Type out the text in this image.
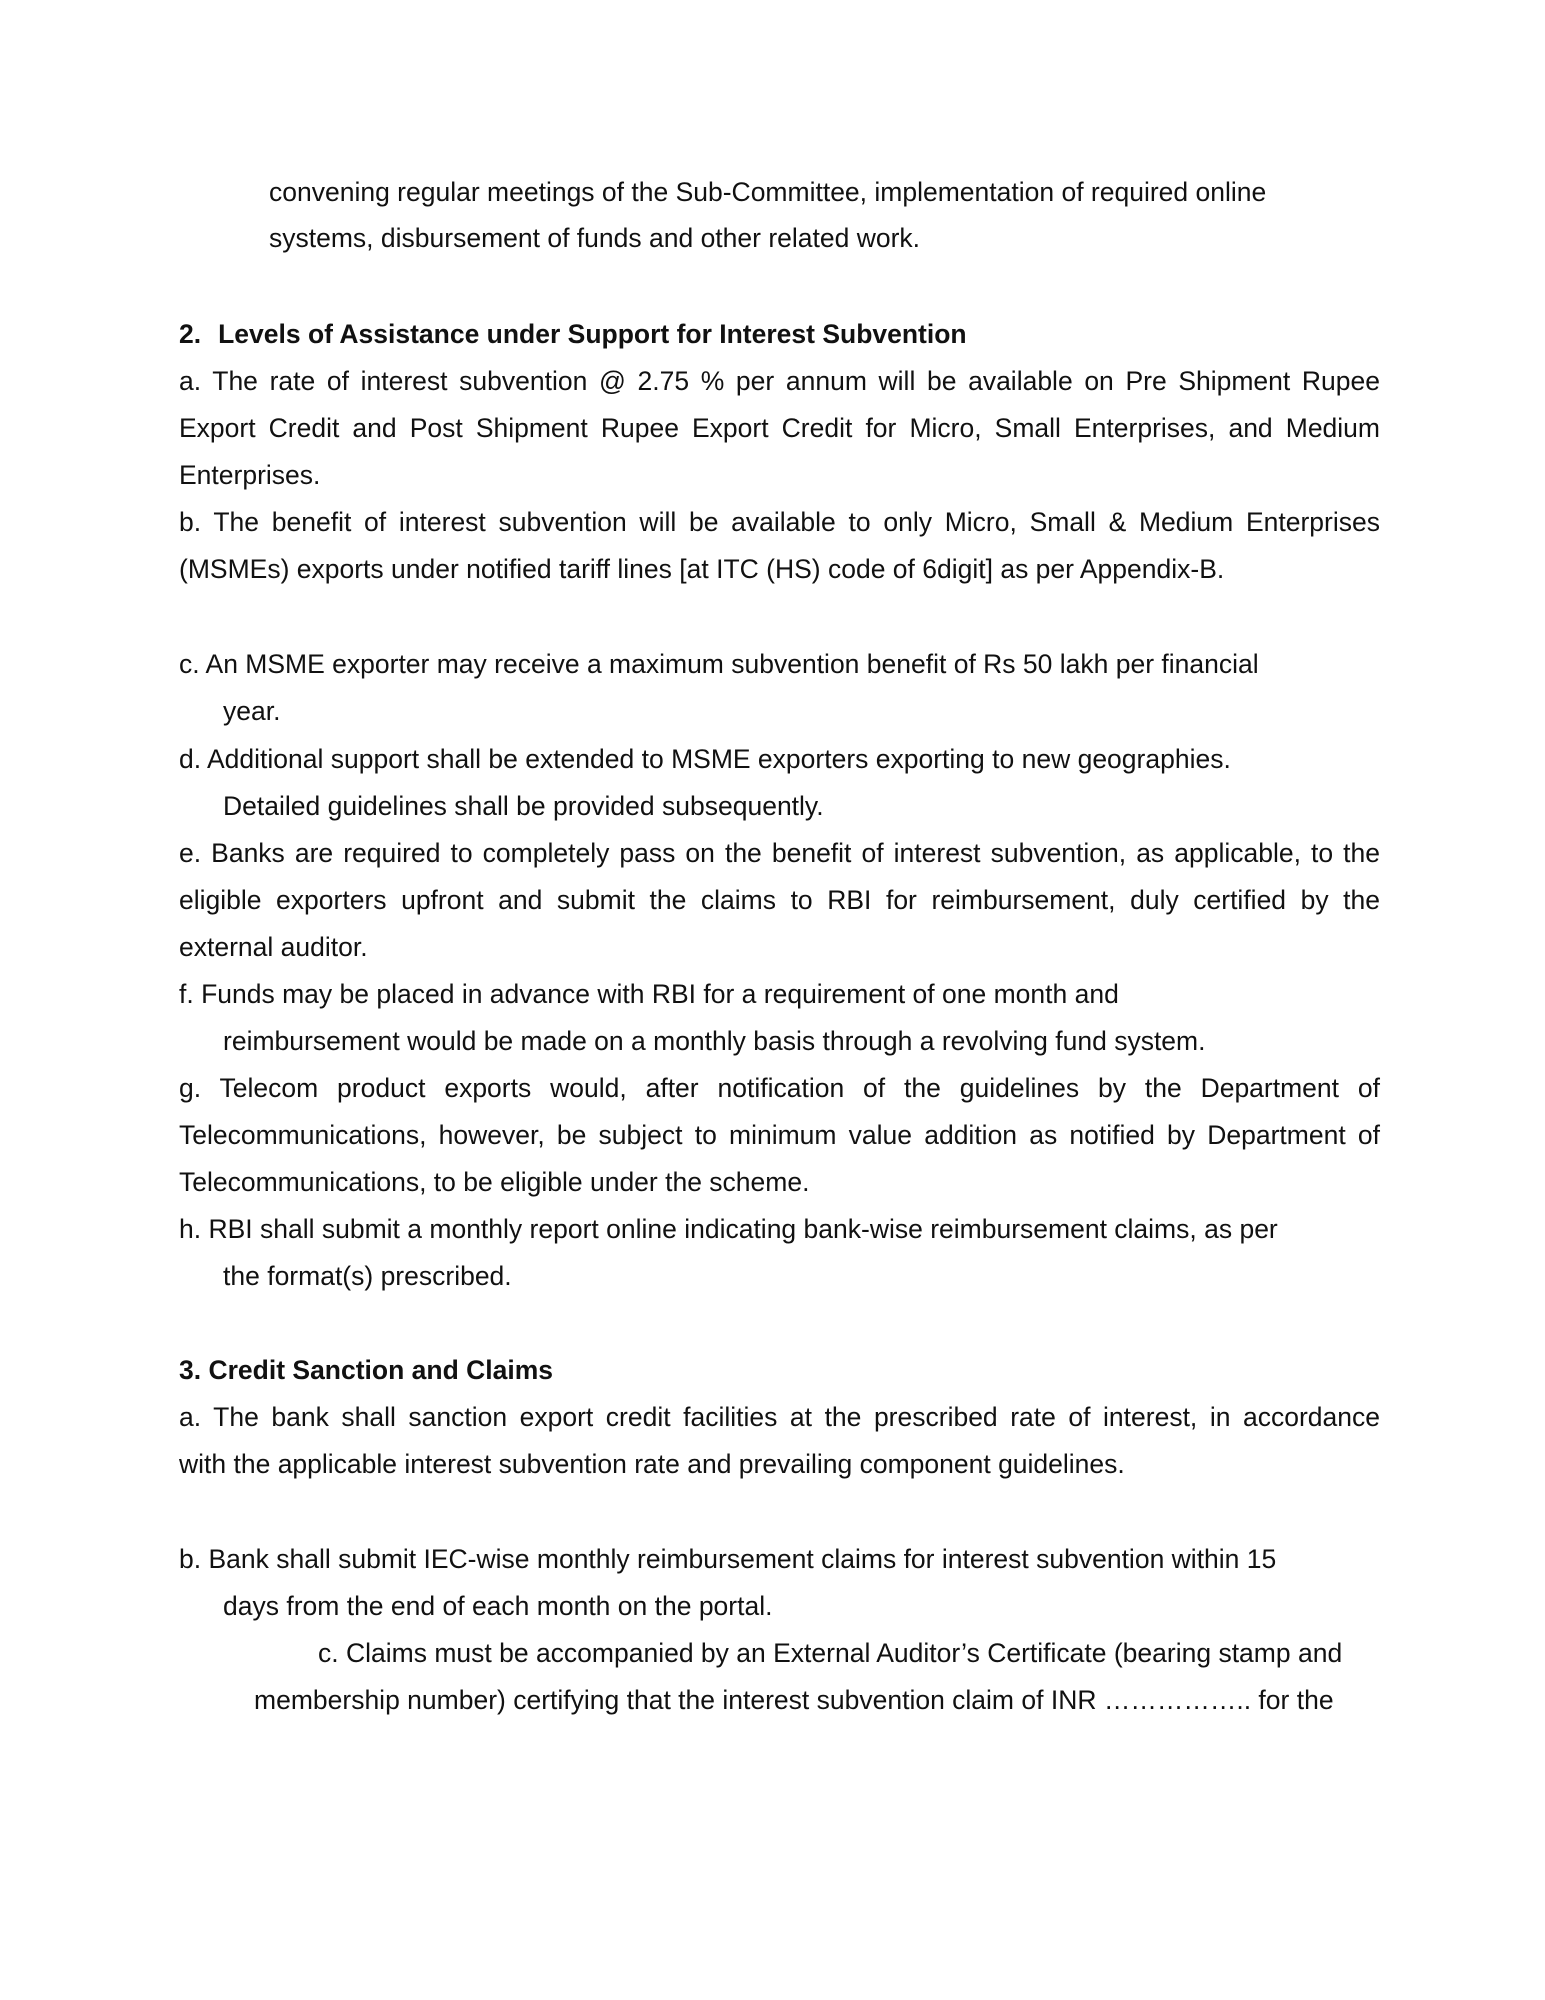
convening regular meetings of the Sub-Committee, implementation of required online
systems, disbursement of funds and other related work.
2. Levels of Assistance under Support for Interest Subvention
a. The rate of interest subvention @ 2.75 % per annum will be available on Pre Shipment Rupee
Export Credit and Post Shipment Rupee Export Credit for Micro, Small Enterprises, and Medium
Enterprises.
b. The benefit of interest subvention will be available to only Micro, Small & Medium Enterprises
(MSMEs) exports under notified tariff lines [at ITC (HS) code of 6digit] as per Appendix-B.
c. An MSME exporter may receive a maximum subvention benefit of Rs 50 lakh per financial
year.
d. Additional support shall be extended to MSME exporters exporting to new geographies.
Detailed guidelines shall be provided subsequently.
e. Banks are required to completely pass on the benefit of interest subvention, as applicable, to the
eligible exporters upfront and submit the claims to RBI for reimbursement, duly certified by the
external auditor.
f. Funds may be placed in advance with RBI for a requirement of one month and
reimbursement would be made on a monthly basis through a revolving fund system.
g. Telecom product exports would, after notification of the guidelines by the Department of
Telecommunications, however, be subject to minimum value addition as notified by Department of
Telecommunications, to be eligible under the scheme.
h. RBI shall submit a monthly report online indicating bank-wise reimbursement claims, as per
the format(s) prescribed.
3. Credit Sanction and Claims
a. The bank shall sanction export credit facilities at the prescribed rate of interest, in accordance
with the applicable interest subvention rate and prevailing component guidelines.
b. Bank shall submit IEC-wise monthly reimbursement claims for interest subvention within 15
days from the end of each month on the portal.
c. Claims must be accompanied by an External Auditor’s Certificate (bearing stamp and
membership number) certifying that the interest subvention claim of INR …………….. for the
